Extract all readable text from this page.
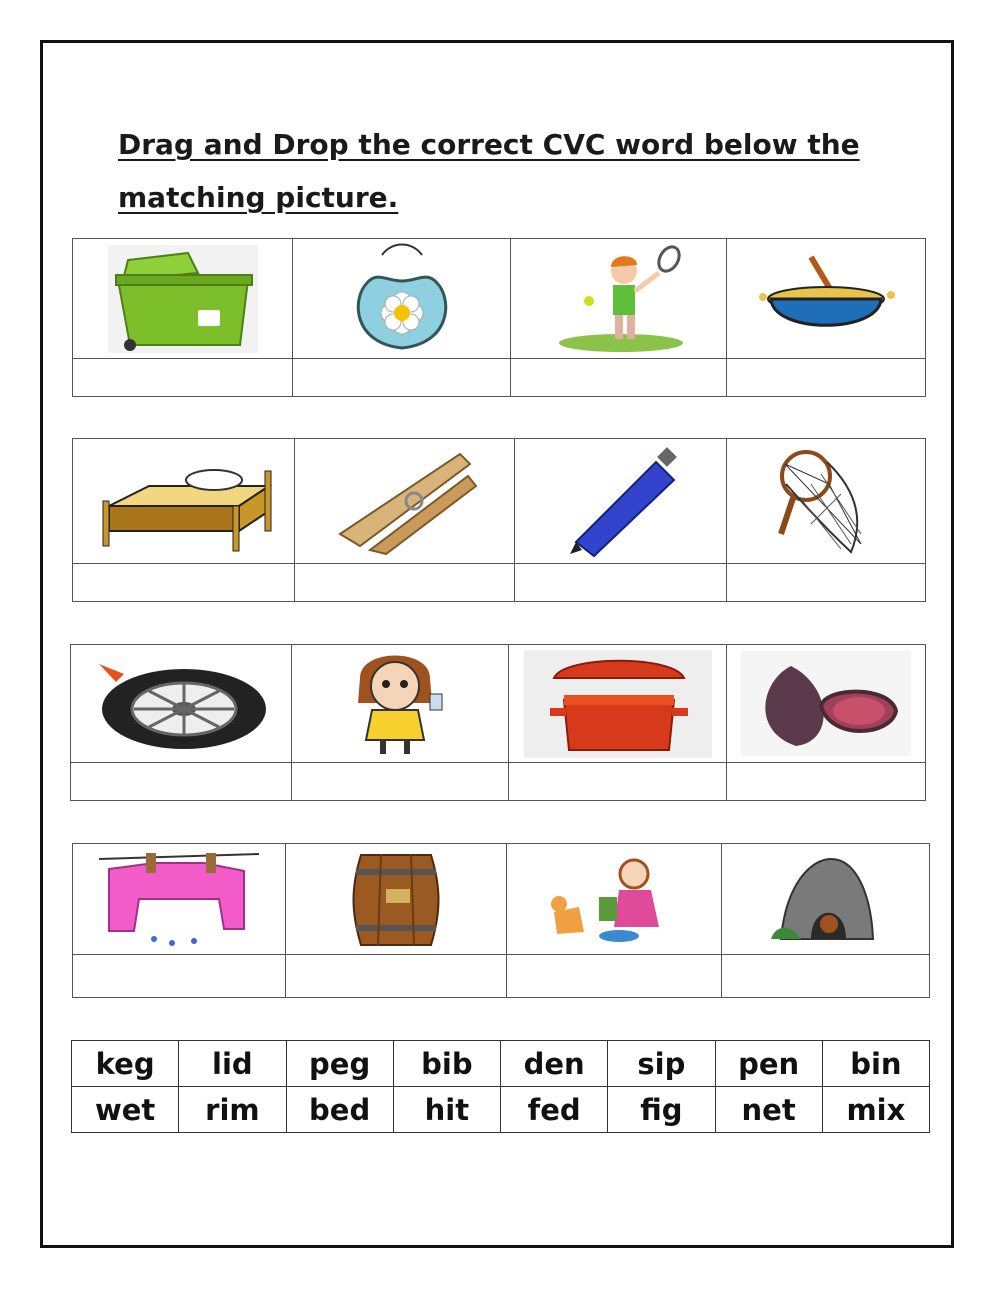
Drag and Drop the correct CVC word below the
matching picture.

keg	lid	peg	bib	den	sip	pen	bin
wet	rim	bed	hit	fed	fig	net	mix
